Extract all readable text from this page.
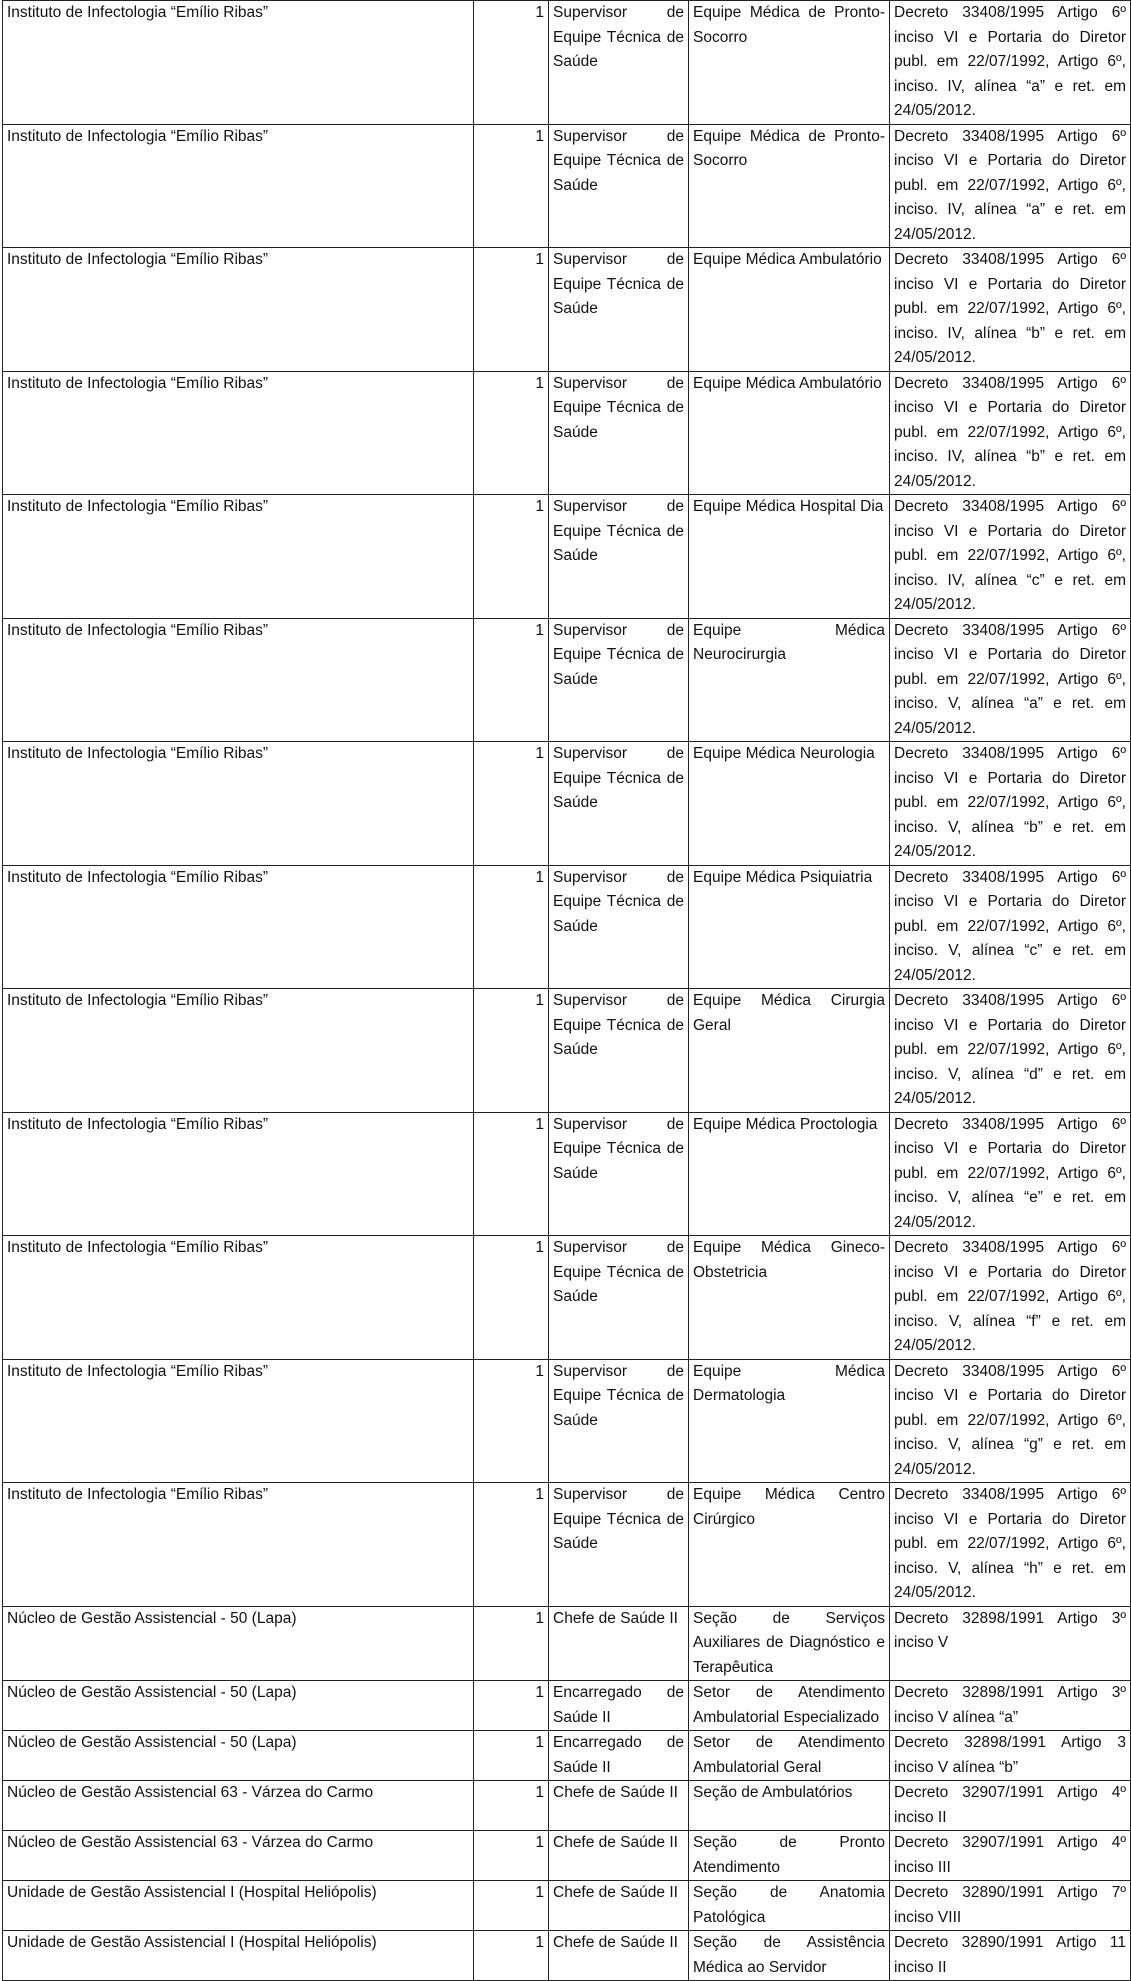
Instituto de Infectologia “Emílio Ribas”	1	Supervisor de Equipe Técnica de Saúde	Equipe Médica de Pronto-Socorro	Decreto 33408/1995 Artigo 6º inciso VI e Portaria do Diretor publ. em 22/07/1992, Artigo 6º, inciso. IV, alínea “a” e ret. em 24/05/2012.

Instituto de Infectologia “Emílio Ribas”	1	Supervisor de Equipe Técnica de Saúde	Equipe Médica de Pronto-Socorro	Decreto 33408/1995 Artigo 6º inciso VI e Portaria do Diretor publ. em 22/07/1992, Artigo 6º, inciso. IV, alínea “a” e ret. em 24/05/2012.

Instituto de Infectologia “Emílio Ribas”	1	Supervisor de Equipe Técnica de Saúde	Equipe Médica Ambulatório	Decreto 33408/1995 Artigo 6º inciso VI e Portaria do Diretor publ. em 22/07/1992, Artigo 6º, inciso. IV, alínea “b” e ret. em 24/05/2012.

Instituto de Infectologia “Emílio Ribas”	1	Supervisor de Equipe Técnica de Saúde	Equipe Médica Ambulatório	Decreto 33408/1995 Artigo 6º inciso VI e Portaria do Diretor publ. em 22/07/1992, Artigo 6º, inciso. IV, alínea “b” e ret. em 24/05/2012.

Instituto de Infectologia “Emílio Ribas”	1	Supervisor de Equipe Técnica de Saúde	Equipe Médica Hospital Dia	Decreto 33408/1995 Artigo 6º inciso VI e Portaria do Diretor publ. em 22/07/1992, Artigo 6º, inciso. IV, alínea “c” e ret. em 24/05/2012.

Instituto de Infectologia “Emílio Ribas”	1	Supervisor de Equipe Técnica de Saúde	Equipe Médica Neurocirurgia	Decreto 33408/1995 Artigo 6º inciso VI e Portaria do Diretor publ. em 22/07/1992, Artigo 6º, inciso. V, alínea “a” e ret. em 24/05/2012.

Instituto de Infectologia “Emílio Ribas”	1	Supervisor de Equipe Técnica de Saúde	Equipe Médica Neurologia	Decreto 33408/1995 Artigo 6º inciso VI e Portaria do Diretor publ. em 22/07/1992, Artigo 6º, inciso. V, alínea “b” e ret. em 24/05/2012.

Instituto de Infectologia “Emílio Ribas”	1	Supervisor de Equipe Técnica de Saúde	Equipe Médica Psiquiatria	Decreto 33408/1995 Artigo 6º inciso VI e Portaria do Diretor publ. em 22/07/1992, Artigo 6º, inciso. V, alínea “c” e ret. em 24/05/2012.

Instituto de Infectologia “Emílio Ribas”	1	Supervisor de Equipe Técnica de Saúde	Equipe Médica Cirurgia Geral	Decreto 33408/1995 Artigo 6º inciso VI e Portaria do Diretor publ. em 22/07/1992, Artigo 6º, inciso. V, alínea “d” e ret. em 24/05/2012.

Instituto de Infectologia “Emílio Ribas”	1	Supervisor de Equipe Técnica de Saúde	Equipe Médica Proctologia	Decreto 33408/1995 Artigo 6º inciso VI e Portaria do Diretor publ. em 22/07/1992, Artigo 6º, inciso. V, alínea “e” e ret. em 24/05/2012.

Instituto de Infectologia “Emílio Ribas”	1	Supervisor de Equipe Técnica de Saúde	Equipe Médica Gineco-Obstetricia	Decreto 33408/1995 Artigo 6º inciso VI e Portaria do Diretor publ. em 22/07/1992, Artigo 6º, inciso. V, alínea “f” e ret. em 24/05/2012.

Instituto de Infectologia “Emílio Ribas”	1	Supervisor de Equipe Técnica de Saúde	Equipe Médica Dermatologia	Decreto 33408/1995 Artigo 6º inciso VI e Portaria do Diretor publ. em 22/07/1992, Artigo 6º, inciso. V, alínea “g” e ret. em 24/05/2012.

Instituto de Infectologia “Emílio Ribas”	1	Supervisor de Equipe Técnica de Saúde	Equipe Médica Centro Cirúrgico	Decreto 33408/1995 Artigo 6º inciso VI e Portaria do Diretor publ. em 22/07/1992, Artigo 6º, inciso. V, alínea “h” e ret. em 24/05/2012.

Núcleo de Gestão Assistencial - 50 (Lapa)	1	Chefe de Saúde II	Seção de Serviços Auxiliares de Diagnóstico e Terapêutica	Decreto 32898/1991 Artigo 3º inciso V

Núcleo de Gestão Assistencial - 50 (Lapa)	1	Encarregado de Saúde II	Setor de Atendimento Ambulatorial Especializado	Decreto 32898/1991 Artigo 3º inciso V alínea “a”

Núcleo de Gestão Assistencial - 50 (Lapa)	1	Encarregado de Saúde II	Setor de Atendimento Ambulatorial Geral	Decreto 32898/1991 Artigo 3 inciso V alínea “b”

Núcleo de Gestão Assistencial 63 - Várzea do Carmo	1	Chefe de Saúde II	Seção de Ambulatórios	Decreto 32907/1991 Artigo 4º inciso II

Núcleo de Gestão Assistencial 63 - Várzea do Carmo	1	Chefe de Saúde II	Seção de Pronto Atendimento	Decreto 32907/1991 Artigo 4º inciso III

Unidade de Gestão Assistencial I (Hospital Heliópolis)	1	Chefe de Saúde II	Seção de Anatomia Patológica	Decreto 32890/1991 Artigo 7º inciso VIII

Unidade de Gestão Assistencial I (Hospital Heliópolis)	1	Chefe de Saúde II	Seção de Assistência Médica ao Servidor	Decreto 32890/1991 Artigo 11 inciso II
